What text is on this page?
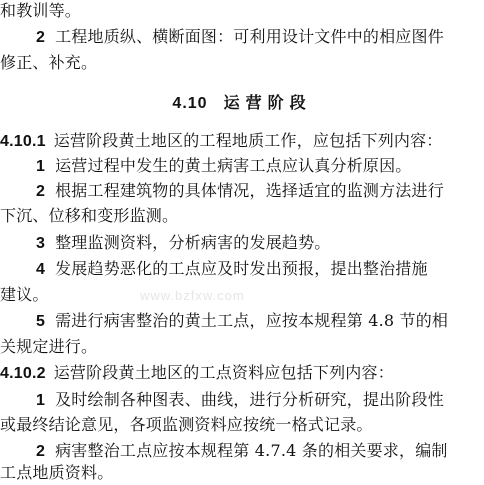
和教训等。
2 工程地质纵、横断面图：可利用设计文件中的相应图件
修正、补充。
4.10 运营阶段
4.10.1 运营阶段黄土地区的工程地质工作，应包括下列内容：
1 运营过程中发生的黄土病害工点应认真分析原因。
2 根据工程建筑物的具体情况，选择适宜的监测方法进行
下沉、位移和变形监测。
3 整理监测资料，分析病害的发展趋势。
4 发展趋势恶化的工点应及时发出预报，提出整治措施
建议。	www.bzfxw.com
5 需进行病害整治的黄土工点，应按本规程第 4.8 节的相
关规定进行。
4.10.2 运营阶段黄土地区的工点资料应包括下列内容：
1 及时绘制各种图表、曲线，进行分析研究，提出阶段性
或最终结论意见，各项监测资料应按统一格式记录。
2 病害整治工点应按本规程第 4.7.4 条的相关要求，编制
工点地质资料。
